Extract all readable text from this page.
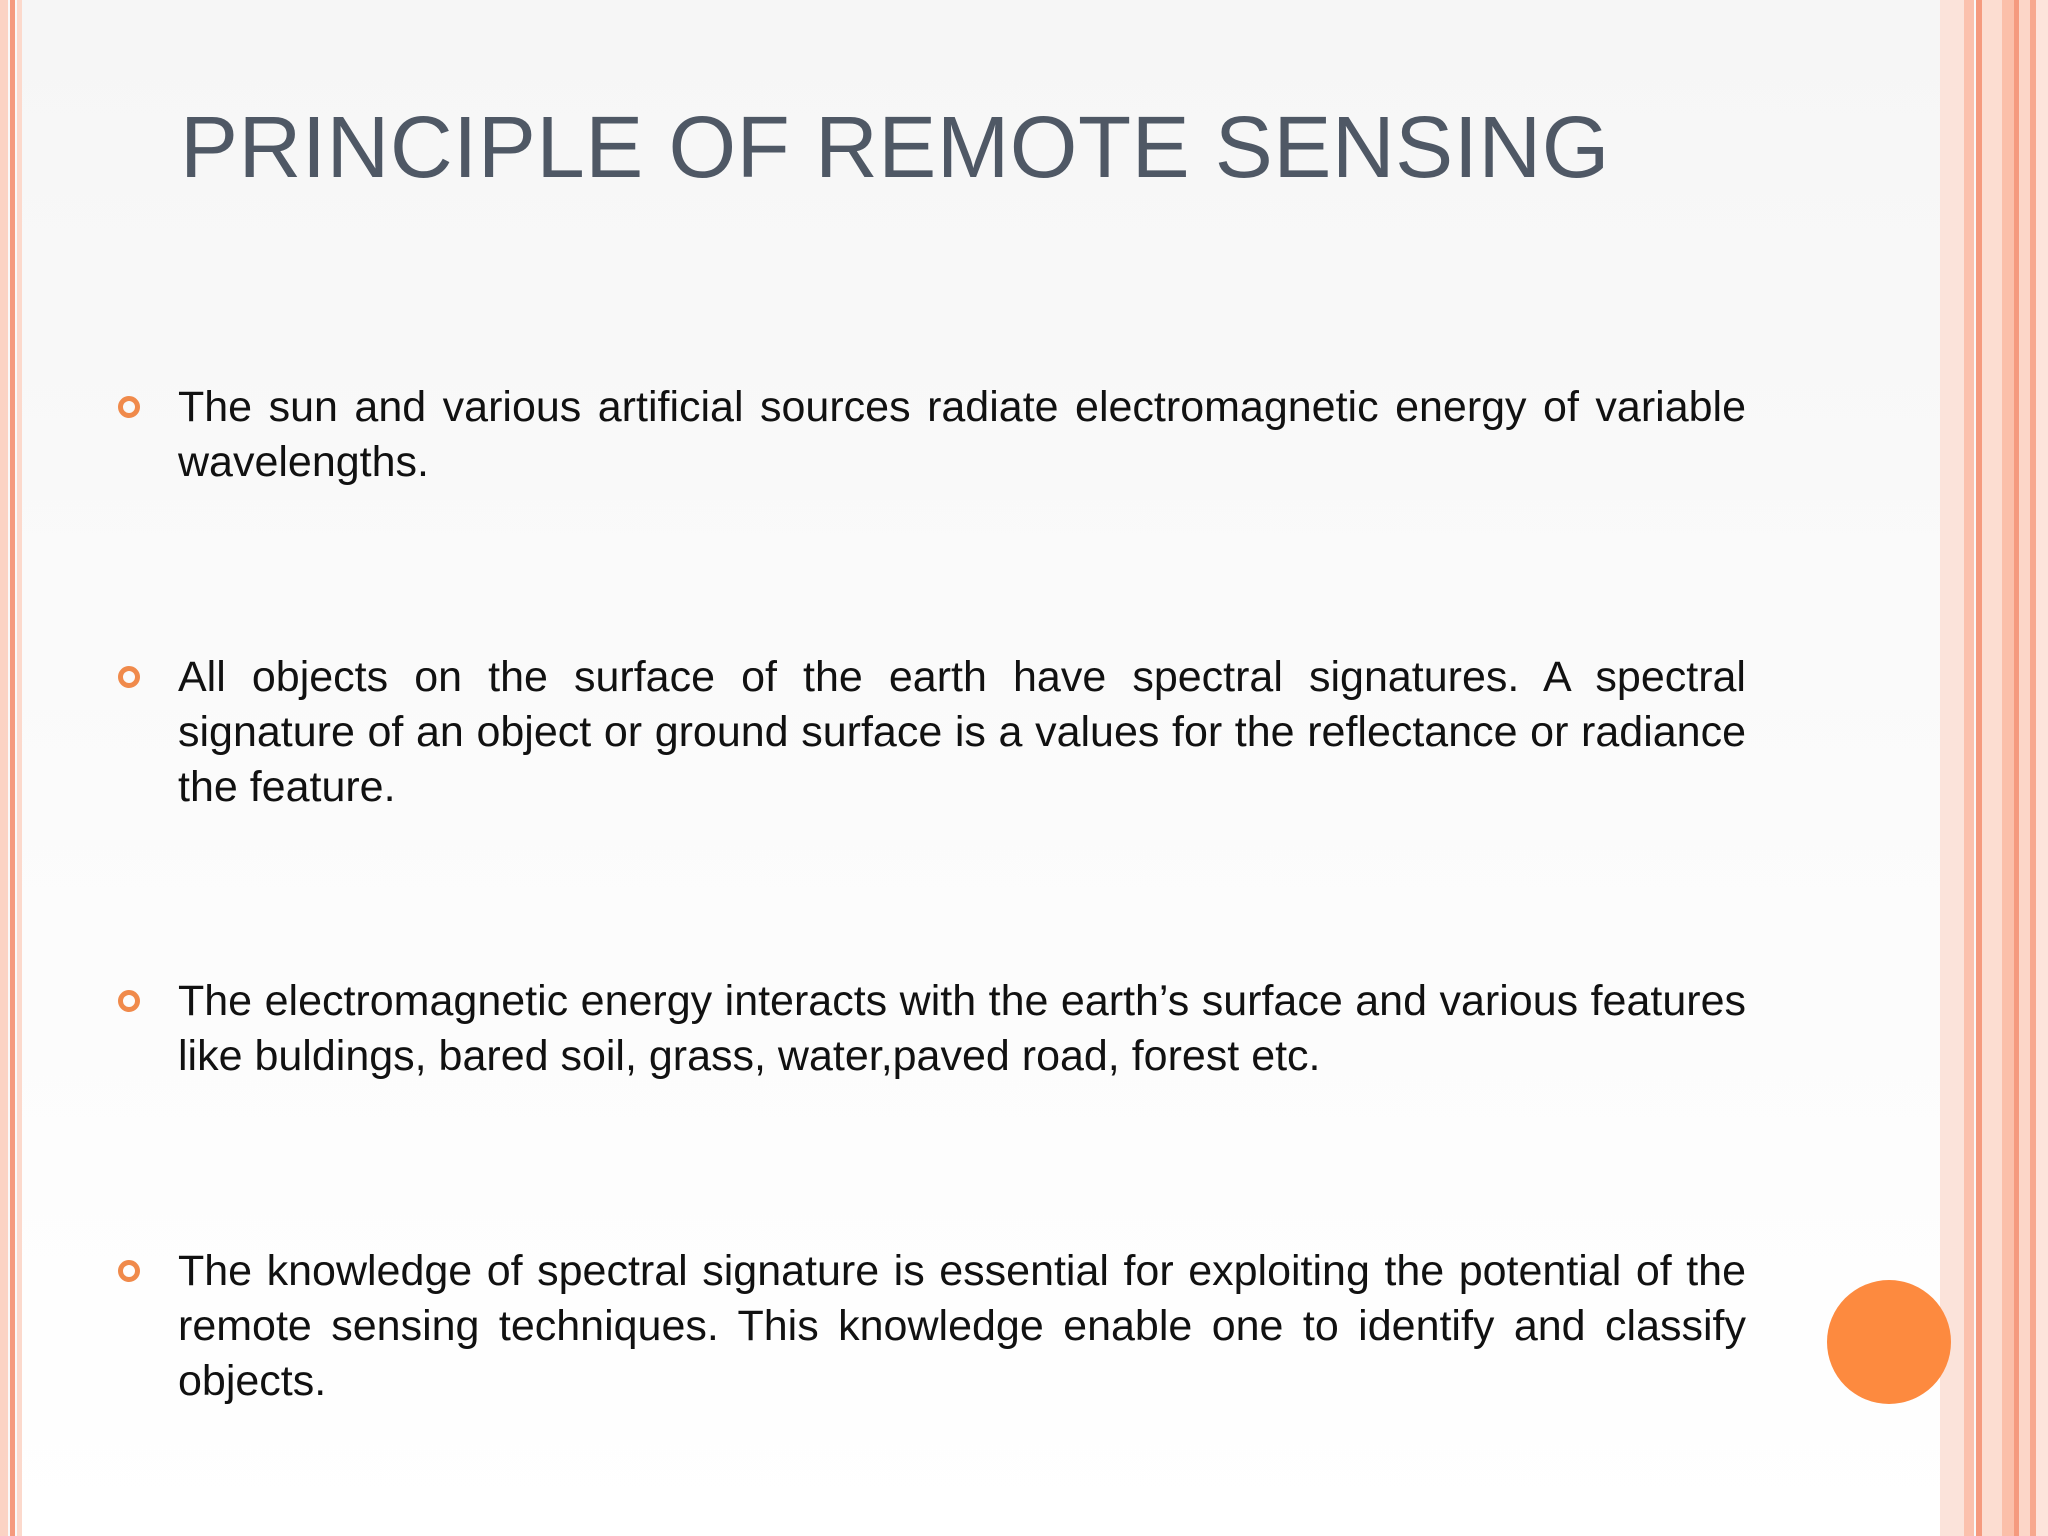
PRINCIPLE OF REMOTE SENSING

The sun and various artificial sources radiate electromagnetic energy of variable wavelengths.

All objects on the surface of the earth have spectral signatures. A spectral signature of an object or ground surface is a values for the reflectance or radiance the feature.

The electromagnetic energy interacts with the earth’s surface and various features like buldings, bared soil, grass, water,paved road, forest etc.

The knowledge of spectral signature is essential for exploiting the potential of the remote sensing techniques. This knowledge enable one to identify and classify objects.
